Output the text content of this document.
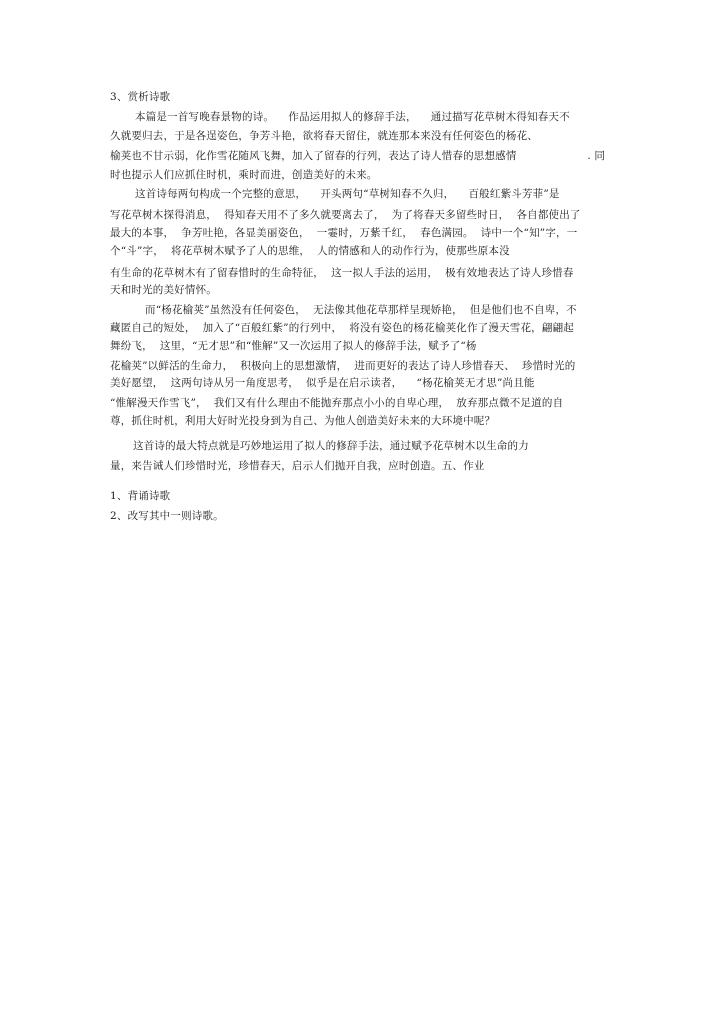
3、赏析诗歌
本篇是一首写晚春景物的诗。    作品运用拟人的修辞手法，    通过描写花草树木得知春天不
久就要归去，于是各逞姿色，争芳斗艳，欲将春天留住，就连那本来没有任何姿色的杨花、
榆荚也不甘示弱，化作雪花随风飞舞，加入了留春的行列，表达了诗人惜春的思想感情                    . 同
时也提示人们应抓住时机，乘时而进，创造美好的未来。
这首诗每两句构成一个完整的意思，    开头两句“草树知春不久归，    百般红紫斗芳菲”是
写花草树木探得消息，  得知春天用不了多久就要离去了，  为了将春天多留些时日，  各自都使出了
最大的本事，  争芳吐艳，各显美丽姿色，  一霎时，万紫千红，  春色满园。  诗中一个“知”字，一
个“斗”字，  将花草树木赋予了人的思维，  人的情感和人的动作行为，使那些原本没
有生命的花草树木有了留春惜时的生命特征，  这一拟人手法的运用，  极有效地表达了诗人珍惜春
天和时光的美好情怀。
而“杨花榆荚”虽然没有任何姿色，  无法像其他花草那样呈现娇艳，  但是他们也不自卑，不
藏匿自己的短处，  加入了“百般红紫”的行列中，  将没有姿色的杨花榆荚化作了漫天雪花，翩翩起
舞纷飞，  这里，“无才思”和“惟解”又一次运用了拟人的修辞手法，赋予了“杨
花榆荚”以鲜活的生命力，  积极向上的思想激情，  进而更好的表达了诗人珍惜春天、  珍惜时光的
美好愿望，  这两句诗从另一角度思考，  似乎是在启示读者，    “杨花榆荚无才思”尚且能
“惟解漫天作雪飞”，  我们又有什么理由不能抛弃那点小小的自卑心理，  放弃那点微不足道的自
尊，抓住时机，利用大好时光投身到为自己、为他人创造美好未来的大环境中呢？
这首诗的最大特点就是巧妙地运用了拟人的修辞手法，通过赋予花草树木以生命的力
量，来告诫人们珍惜时光，珍惜春天，启示人们抛开自我，应时创造。五、作业
1、背诵诗歌
2、改写其中一则诗歌。
